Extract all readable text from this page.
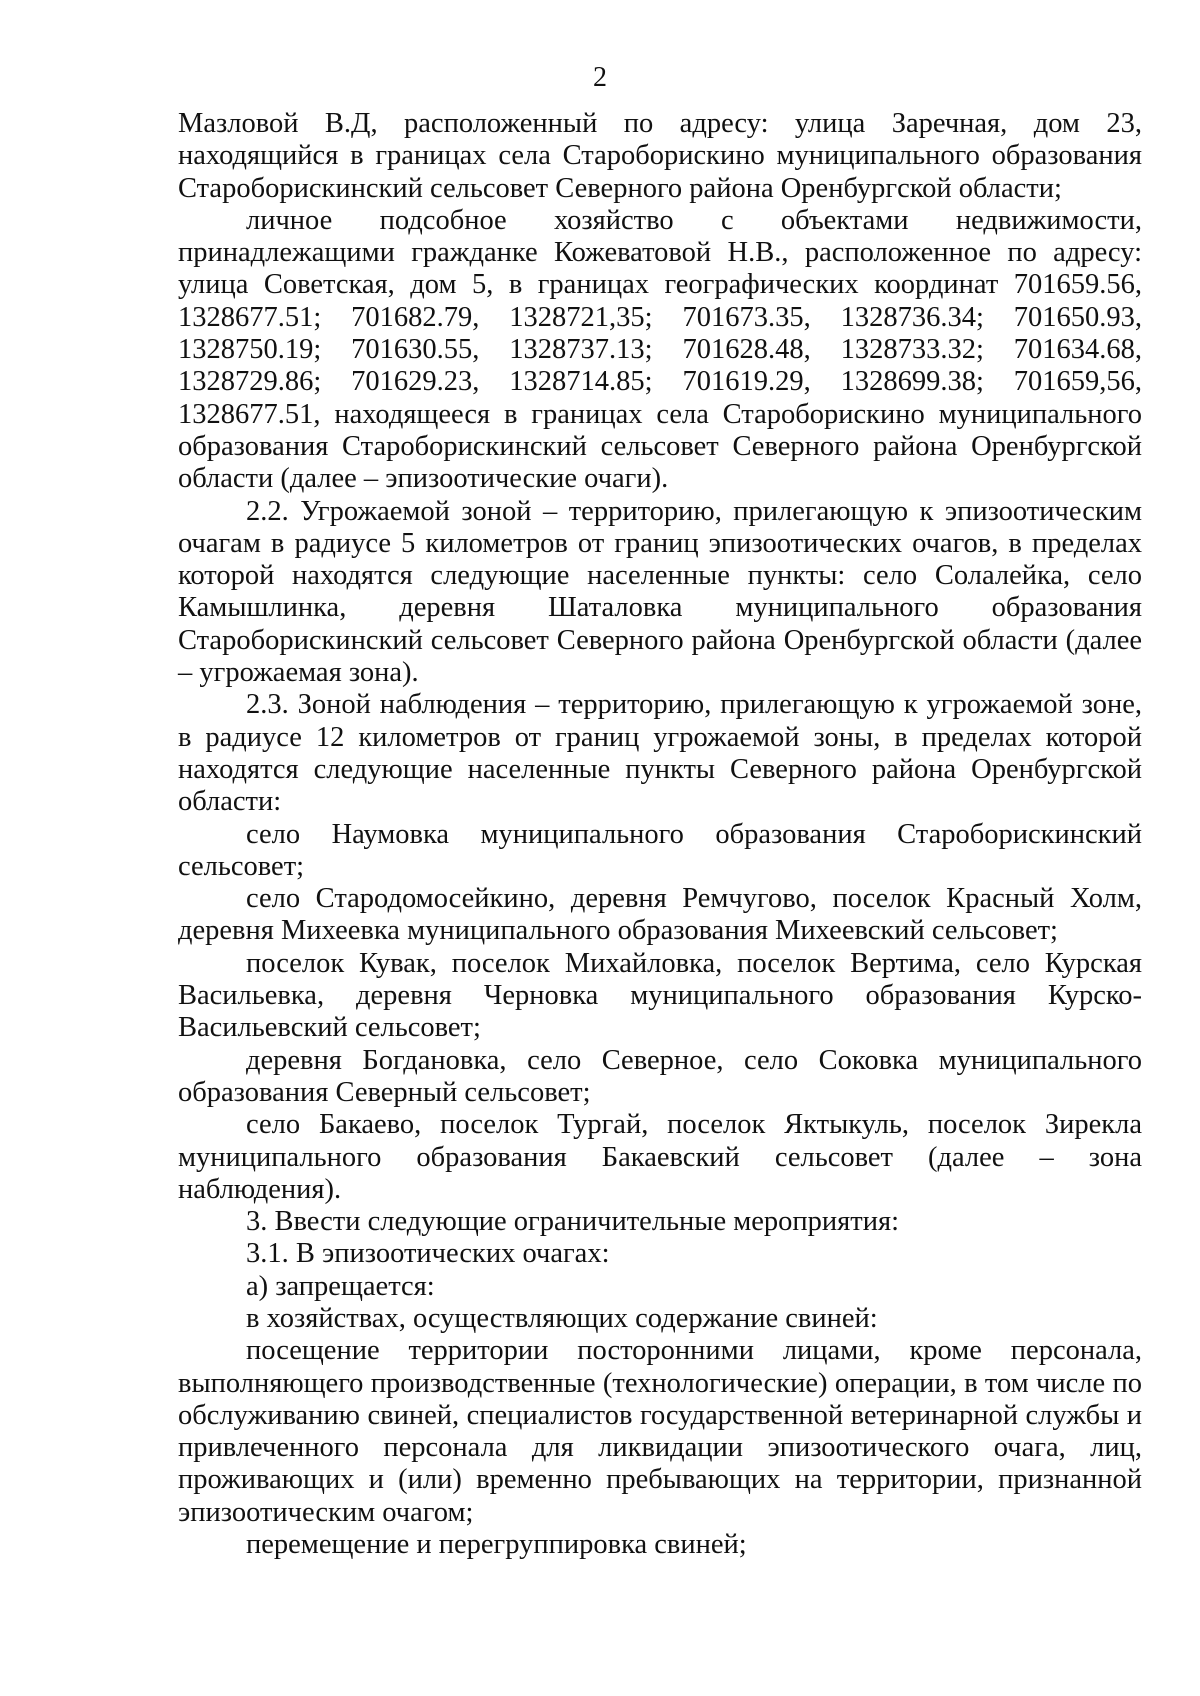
2

Мазловой В.Д, расположенный по адресу: улица Заречная, дом 23, находящийся в границах села Староборискино муниципального образования Староборискинский сельсовет Северного района Оренбургской области;

личное подсобное хозяйство с объектами недвижимости, принадлежащими гражданке Кожеватовой Н.В., расположенное по адресу: улица Советская, дом 5, в границах географических координат 701659.56, 1328677.51; 701682.79, 1328721,35; 701673.35, 1328736.34; 701650.93, 1328750.19; 701630.55, 1328737.13; 701628.48, 1328733.32; 701634.68, 1328729.86; 701629.23, 1328714.85; 701619.29, 1328699.38; 701659,56, 1328677.51, находящееся в границах села Староборискино муниципального образования Староборискинский сельсовет Северного района Оренбургской области (далее – эпизоотические очаги).

2.2. Угрожаемой зоной – территорию, прилегающую к эпизоотическим очагам в радиусе 5 километров от границ эпизоотических очагов, в пределах которой находятся следующие населенные пункты: село Солалейка, село Камышлинка, деревня Шаталовка муниципального образования Староборискинский сельсовет Северного района Оренбургской области (далее – угрожаемая зона).

2.3. Зоной наблюдения – территорию, прилегающую к угрожаемой зоне, в радиусе 12 километров от границ угрожаемой зоны, в пределах которой находятся следующие населенные пункты Северного района Оренбургской области:

село Наумовка муниципального образования Староборискинский сельсовет;

село Стародомосейкино, деревня Ремчугово, поселок Красный Холм, деревня Михеевка муниципального образования Михеевский сельсовет;

поселок Кувак, поселок Михайловка, поселок Вертима, село Курская Васильевка, деревня Черновка муниципального образования Курско-Васильевский сельсовет;

деревня Богдановка, село Северное, село Соковка муниципального образования Северный сельсовет;

село Бакаево, поселок Тургай, поселок Яктыкуль, поселок Зирекла муниципального образования Бакаевский сельсовет (далее – зона наблюдения).

3. Ввести следующие ограничительные мероприятия:

3.1. В эпизоотических очагах:

а) запрещается:

в хозяйствах, осуществляющих содержание свиней:

посещение территории посторонними лицами, кроме персонала, выполняющего производственные (технологические) операции, в том числе по обслуживанию свиней, специалистов государственной ветеринарной службы и привлеченного персонала для ликвидации эпизоотического очага, лиц, проживающих и (или) временно пребывающих на территории, признанной эпизоотическим очагом;

перемещение и перегруппировка свиней;
